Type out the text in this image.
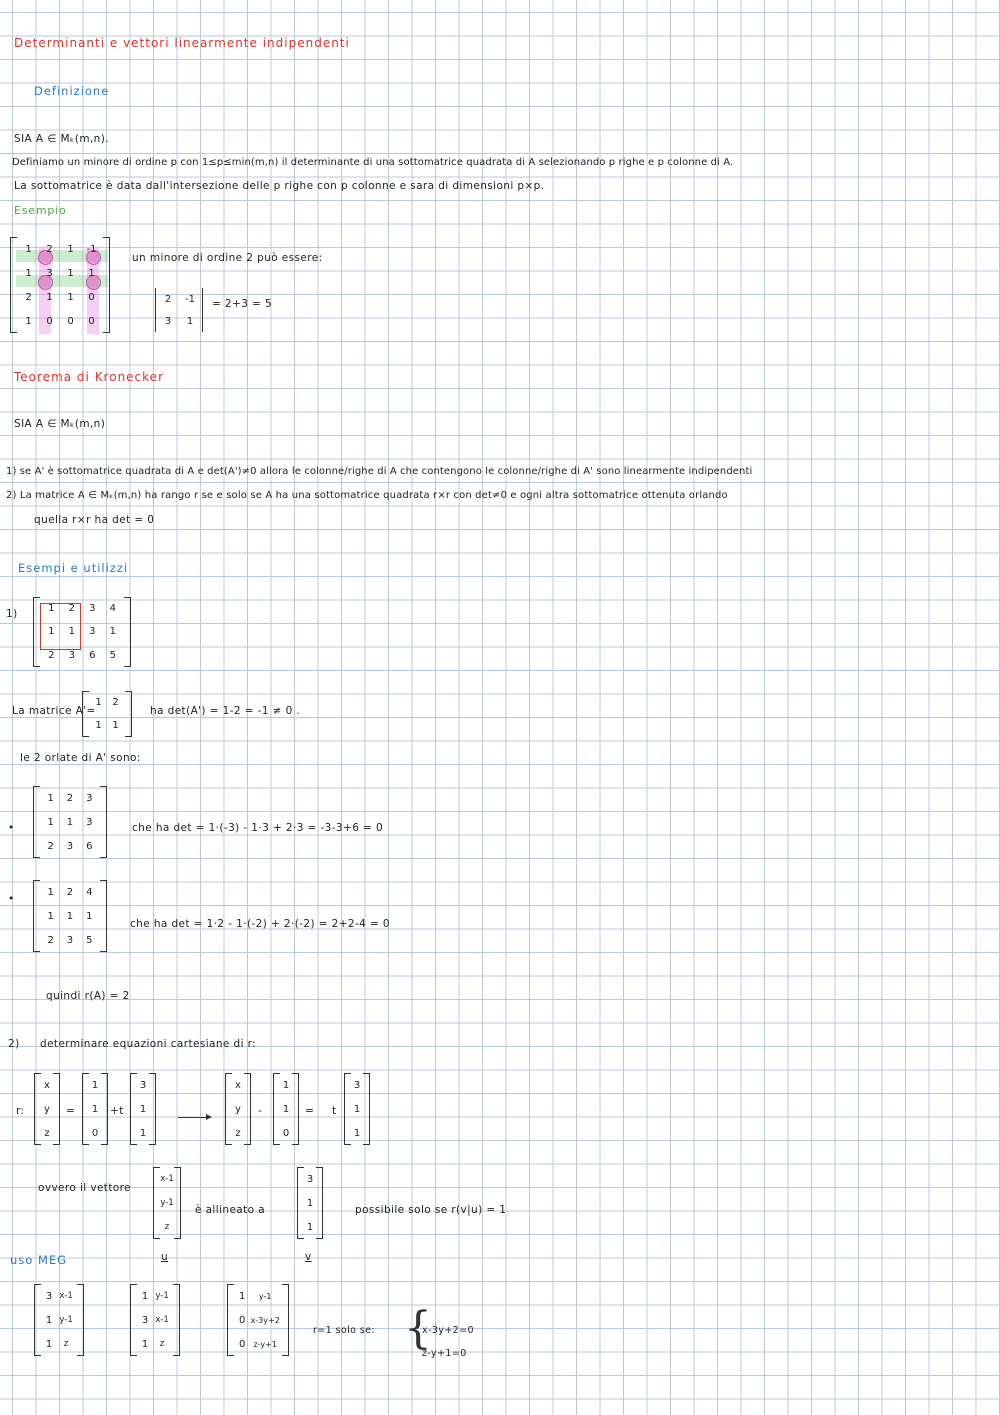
Determinanti e vettori linearmente indipendenti
Definizione
SIA A ∈ Mₖ(m,n).
Definiamo un minore di ordine p con 1≤p≤min(m,n) il determinante di una sottomatrice quadrata di A selezionando p righe e p colonne di A.
La sottomatrice è data dall'intersezione delle p righe con p colonne e sara di dimensioni p×p.
Esempio
1 2 1 -1
1 3 1 1
2 1 1 0
1 0 0 0
un minore di ordine 2 può essere:
2 -1
3 1
= 2+3 = 5
Teorema di Kronecker
SIA A ∈ Mₖ(m,n)
1) se A' è sottomatrice quadrata di A e det(A')≠0 allora le colonne/righe di A che contengono le colonne/righe di A' sono linearmente indipendenti
2) La matrice A ∈ Mₖ(m,n) ha rango r se e solo se A ha una sottomatrice quadrata r×r con det≠0 e ogni altra sottomatrice ottenuta orlando
quella r×r ha det = 0
Esempi e utilizzi
1)	1 2 3 4
1 1 3 1
2 3 6 5
La matrice A'=
1 2
1 1
ha det(A') = 1-2 = -1 ≠ 0 .
le 2 orlate di A' sono:
•
1 2 3
1 1 3
2 3 6
che ha det = 1·(-3) - 1·3 + 2·3 = -3-3+6 = 0
•
1 2 4
1 1 1
2 3 5
che ha det = 1·2 - 1·(-2) + 2·(-2) = 2+2-4 = 0
quindi r(A) = 2
2) determinare equazioni cartesiane di r:
r:
x
y
z
=
1
1
0
+t
3
1
1
x
y
z
-
1
1
0
= t
3
1
1
ovvero il vettore
x-1
y-1
z
è allineato a
3
1
1
possibile solo se r(v|u) = 1
u	v
uso MEG
3 x-1
1 y-1
1 z
1 y-1
3 x-1
1 z
1 y-1
0 x-3y+2
0 z-y+1
r=1 solo se: {
x-3y+2=0
z-y+1=0
